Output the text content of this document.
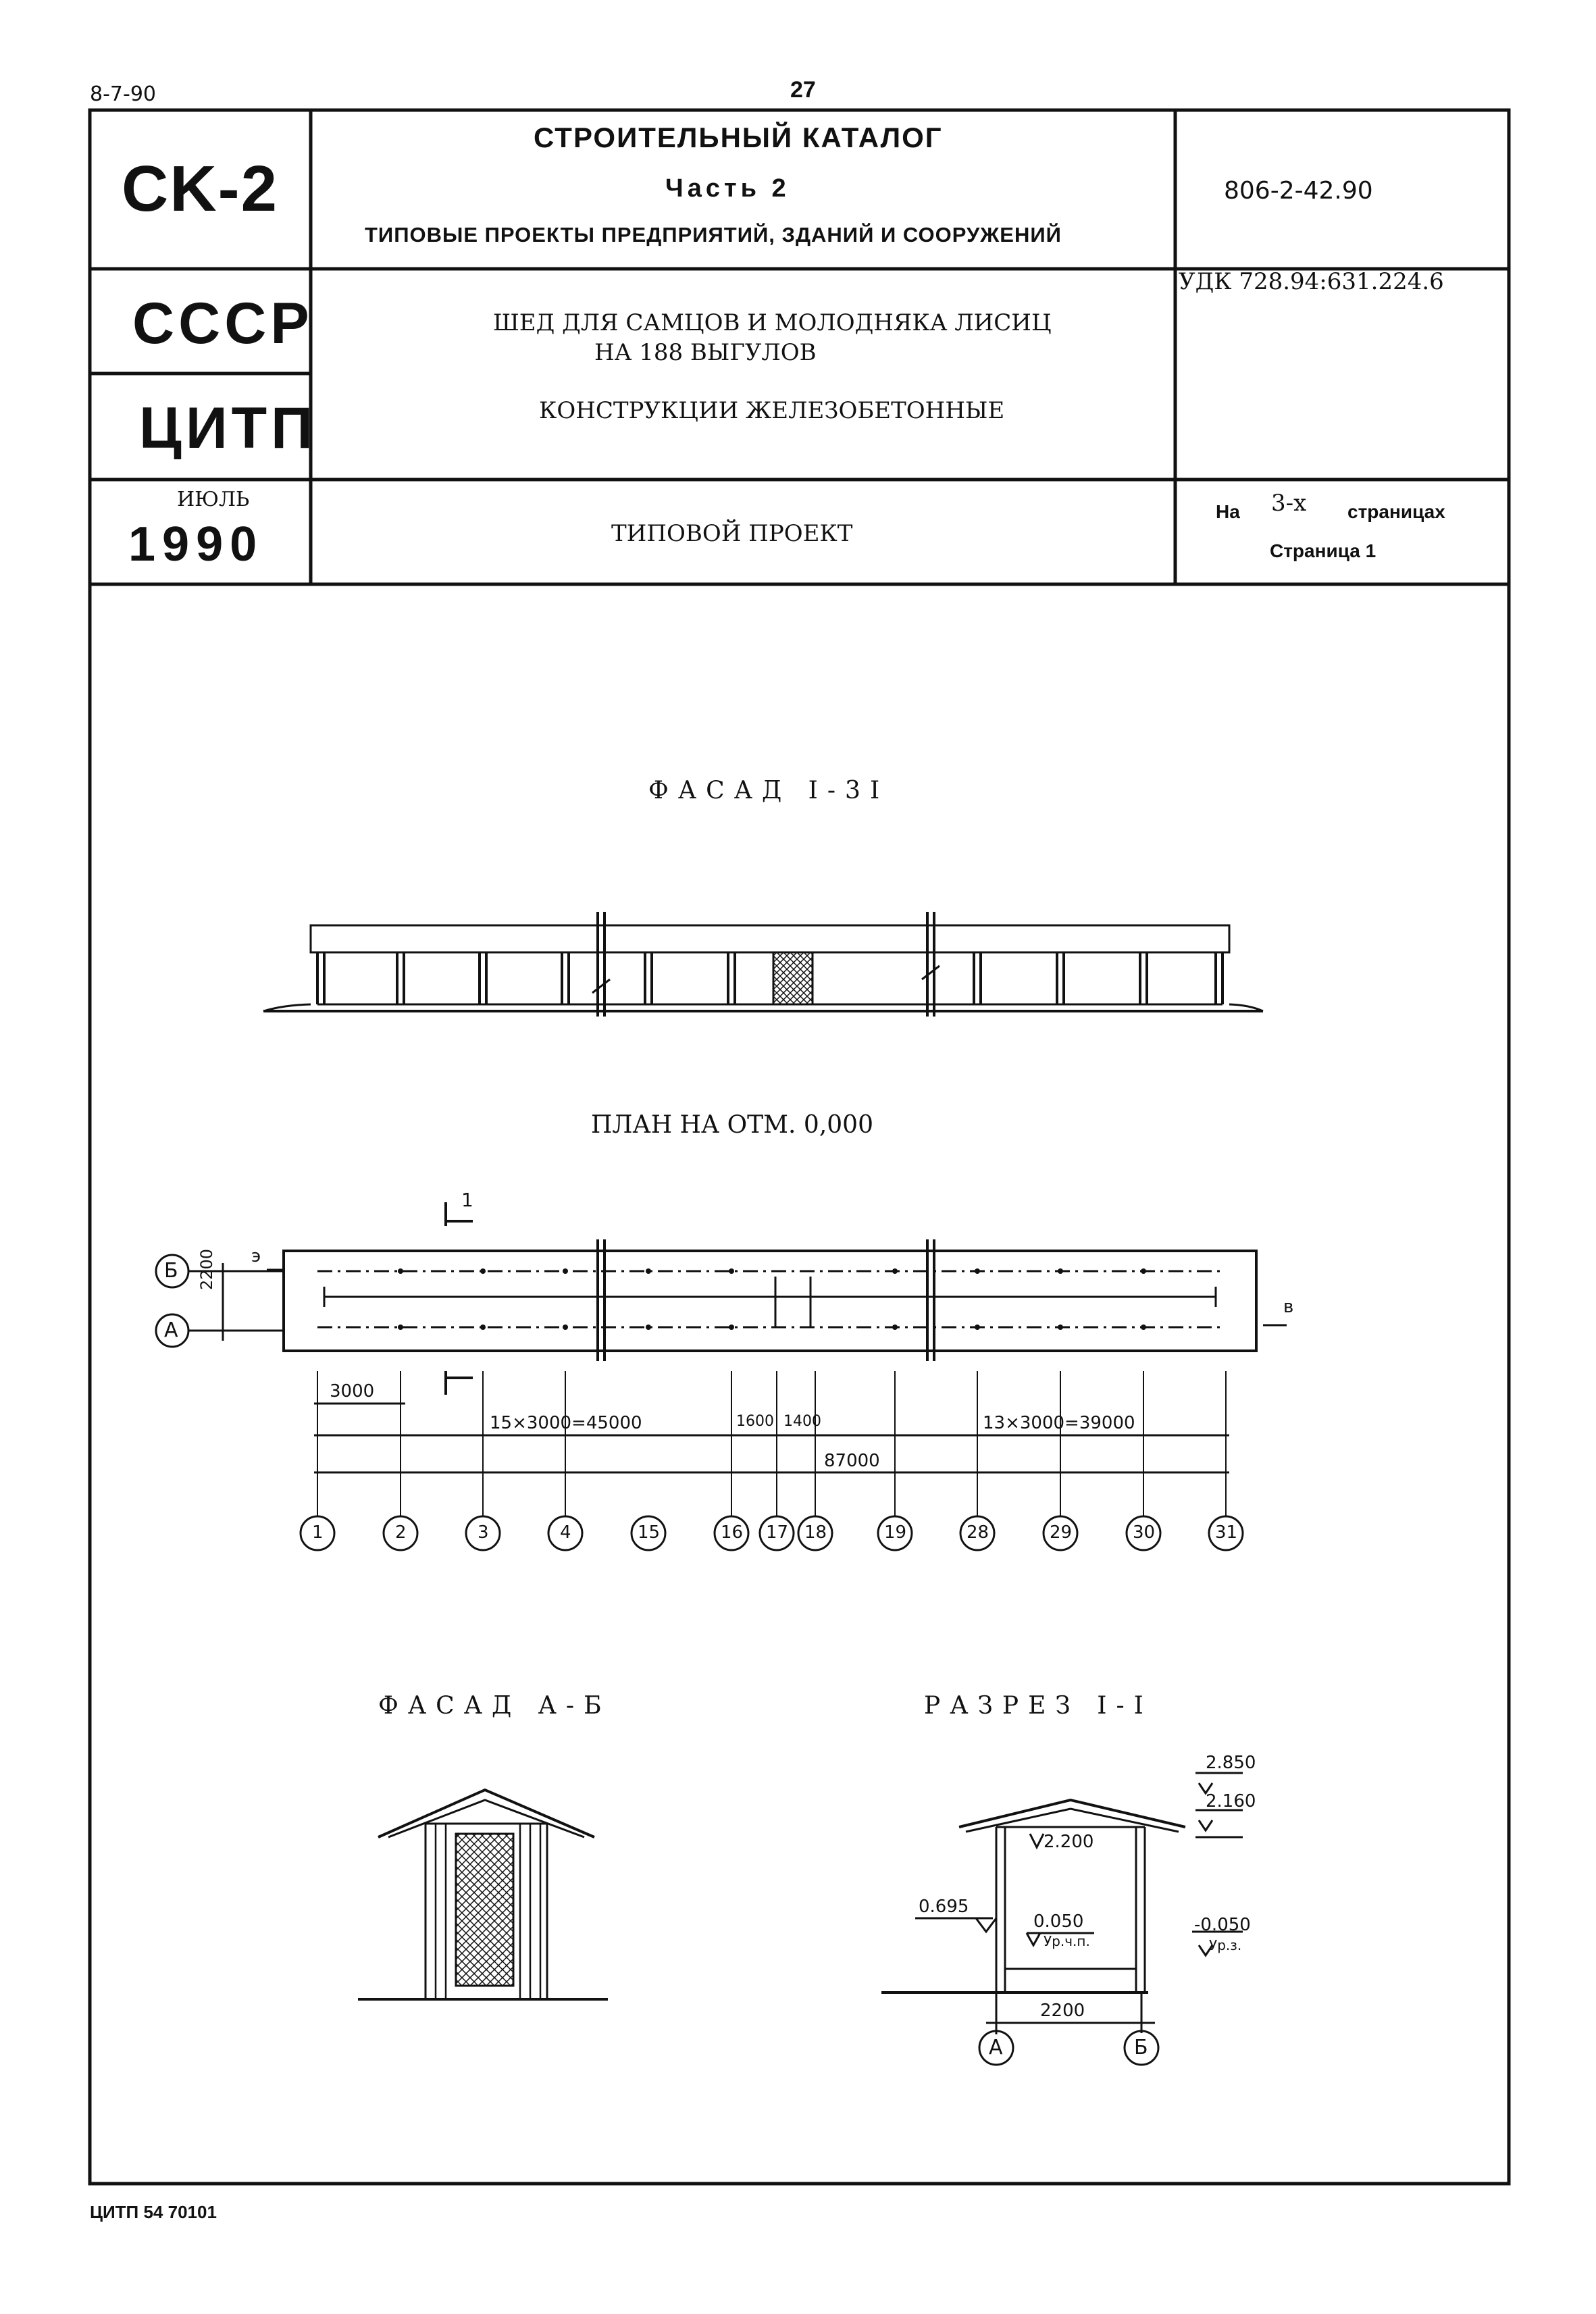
8-7-90	27
CK-2
СТРОИТЕЛЬНЫЙ КАТАЛОГ
Часть 2
ТИПОВЫЕ ПРОЕКТЫ ПРЕДПРИЯТИЙ, ЗДАНИЙ И СООРУЖЕНИЙ
806-2-42.90
СССР
ЦИТП
УДК 728.94:631.224.6
ШЕД ДЛЯ САМЦОВ И МОЛОДНЯКА ЛИСИЦ
НА 188 ВЫГУЛОВ
КОНСТРУКЦИИ ЖЕЛЕЗОБЕТОННЫЕ
ИЮЛЬ
1990	ТИПОВОЙ ПРОЕКТ
На 3-х страницах
Страница 1
ФАСАД I-3I
ПЛАН НА ОТМ. 0,000
ФАСАД А-Б	РАЗРЕЗ I-I
1
Б
А
э
в
2200
3000
15×3000=45000	1600 1400	13×3000=39000
87000
1	2	3	4	15	16 17 18	19	28	29	30	31
2.850
2.160
2.200
0.695
0.050
Ур.ч.п.
-0.050
Ур.з.
2200
А	Б
ЦИТП 54 70101
